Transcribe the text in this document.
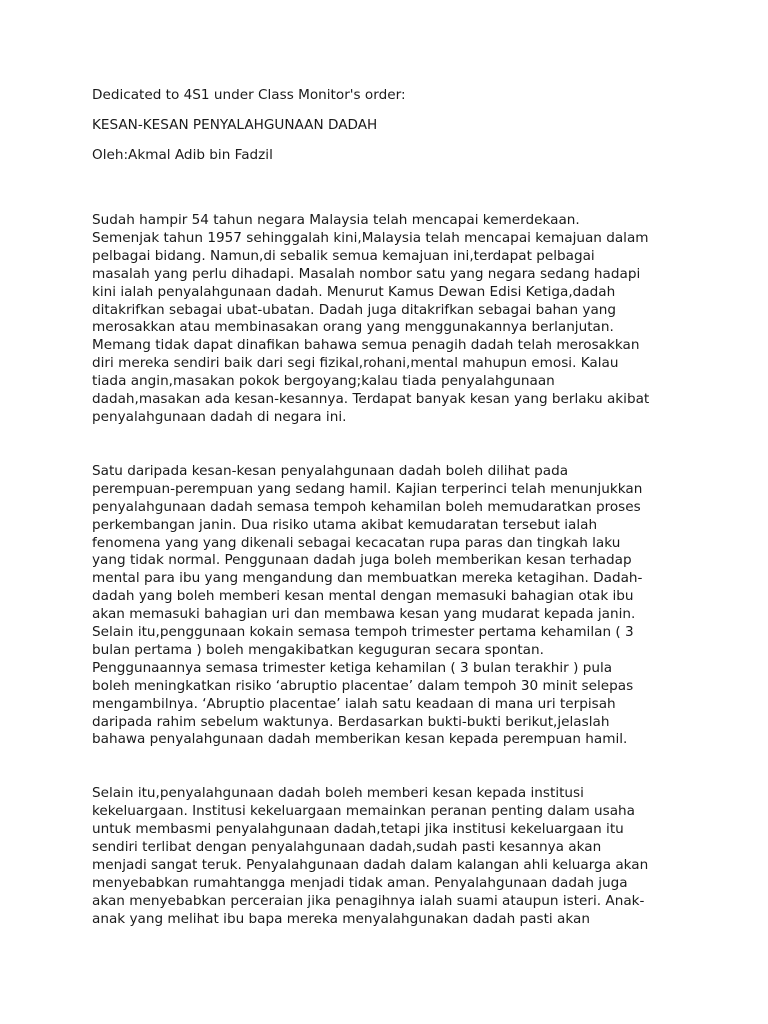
Dedicated to 4S1 under Class Monitor's order:

KESAN-KESAN PENYALAHGUNAAN DADAH

Oleh:Akmal Adib bin Fadzil

Sudah hampir 54 tahun negara Malaysia telah mencapai kemerdekaan.
Semenjak tahun 1957 sehinggalah kini,Malaysia telah mencapai kemajuan dalam
pelbagai bidang. Namun,di sebalik semua kemajuan ini,terdapat pelbagai
masalah yang perlu dihadapi. Masalah nombor satu yang negara sedang hadapi
kini ialah penyalahgunaan dadah. Menurut Kamus Dewan Edisi Ketiga,dadah
ditakrifkan sebagai ubat-ubatan. Dadah juga ditakrifkan sebagai bahan yang
merosakkan atau membinasakan orang yang menggunakannya berlanjutan.
Memang tidak dapat dinafikan bahawa semua penagih dadah telah merosakkan
diri mereka sendiri baik dari segi fizikal,rohani,mental mahupun emosi. Kalau
tiada angin,masakan pokok bergoyang;kalau tiada penyalahgunaan
dadah,masakan ada kesan-kesannya. Terdapat banyak kesan yang berlaku akibat
penyalahgunaan dadah di negara ini.

Satu daripada kesan-kesan penyalahgunaan dadah boleh dilihat pada
perempuan-perempuan yang sedang hamil. Kajian terperinci telah menunjukkan
penyalahgunaan dadah semasa tempoh kehamilan boleh memudaratkan proses
perkembangan janin. Dua risiko utama akibat kemudaratan tersebut ialah
fenomena yang yang dikenali sebagai kecacatan rupa paras dan tingkah laku
yang tidak normal. Penggunaan dadah juga boleh memberikan kesan terhadap
mental para ibu yang mengandung dan membuatkan mereka ketagihan. Dadah-
dadah yang boleh memberi kesan mental dengan memasuki bahagian otak ibu
akan memasuki bahagian uri dan membawa kesan yang mudarat kepada janin.
Selain itu,penggunaan kokain semasa tempoh trimester pertama kehamilan ( 3
bulan pertama ) boleh mengakibatkan keguguran secara spontan.
Penggunaannya semasa trimester ketiga kehamilan ( 3 bulan terakhir ) pula
boleh meningkatkan risiko ‘abruptio placentae’ dalam tempoh 30 minit selepas
mengambilnya. ‘Abruptio placentae’ ialah satu keadaan di mana uri terpisah
daripada rahim sebelum waktunya. Berdasarkan bukti-bukti berikut,jelaslah
bahawa penyalahgunaan dadah memberikan kesan kepada perempuan hamil.

Selain itu,penyalahgunaan dadah boleh memberi kesan kepada institusi
kekeluargaan. Institusi kekeluargaan memainkan peranan penting dalam usaha
untuk membasmi penyalahgunaan dadah,tetapi jika institusi kekeluargaan itu
sendiri terlibat dengan penyalahgunaan dadah,sudah pasti kesannya akan
menjadi sangat teruk. Penyalahgunaan dadah dalam kalangan ahli keluarga akan
menyebabkan rumahtangga menjadi tidak aman. Penyalahgunaan dadah juga
akan menyebabkan perceraian jika penagihnya ialah suami ataupun isteri. Anak-
anak yang melihat ibu bapa mereka menyalahgunakan dadah pasti akan
